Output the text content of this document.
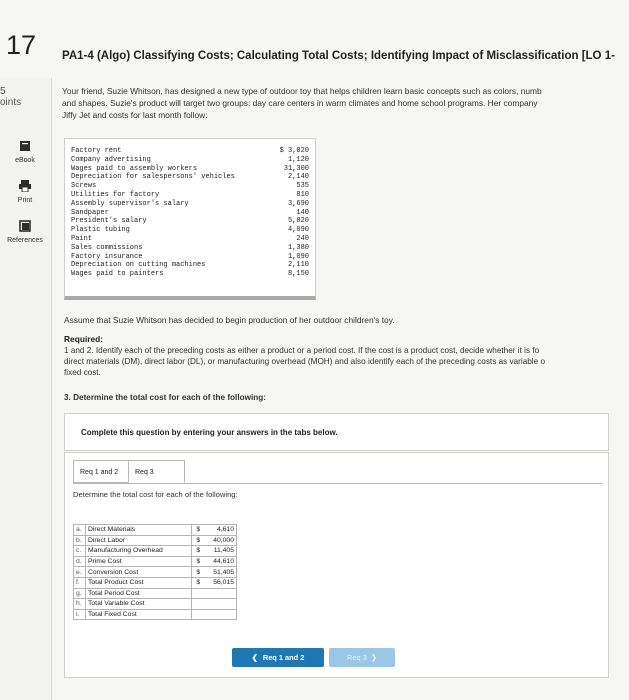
17
5
oints
eBook
Print
References
PA1-4 (Algo) Classifying Costs; Calculating Total Costs; Identifying Impact of Misclassification [LO 1-
Your friend, Suzie Whitson, has designed a new type of outdoor toy that helps children learn basic concepts such as colors, numb
and shapes. Suzie's product will target two groups: day care centers in warm climates and home school programs. Her company
Jiffy Jet and costs for last month follow:
Factory rent	$ 3,020
Company advertising	1,120
Wages paid to assembly workers	31,300
Depreciation for salespersons' vehicles	2,140
Screws	535
Utilities for factory	810
Assembly supervisor's salary	3,690
Sandpaper	140
President's salary	5,020
Plastic tubing	4,090
Paint	240
Sales commissions	1,380
Factory insurance	1,090
Depreciation on cutting machines	2,110
Wages paid to painters	8,150
Assume that Suzie Whitson has decided to begin production of her outdoor children's toy.
Required:
1 and 2. Identify each of the preceding costs as either a product or a period cost. If the cost is a product cost, decide whether it is fo
direct materials (DM), direct labor (DL), or manufacturing overhead (MOH) and also identify each of the preceding costs as variable o
fixed cost.
3. Determine the total cost for each of the following:
Complete this question by entering your answers in the tabs below.
Req 1 and 2	Req 3
Determine the total cost for each of the following:
a.	Direct Materials	$	4,610
b.	Direct Labor	$	40,000
c.	Manufacturing Overhead	$	11,405
d.	Prime Cost	$	44,610
e.	Conversion Cost	$	51,405
f.	Total Product Cost	$	56,015
g.	Total Period Cost		
h.	Total Variable Cost		
i.	Total Fixed Cost		
❮ Req 1 and 2	Req 3 ❯
